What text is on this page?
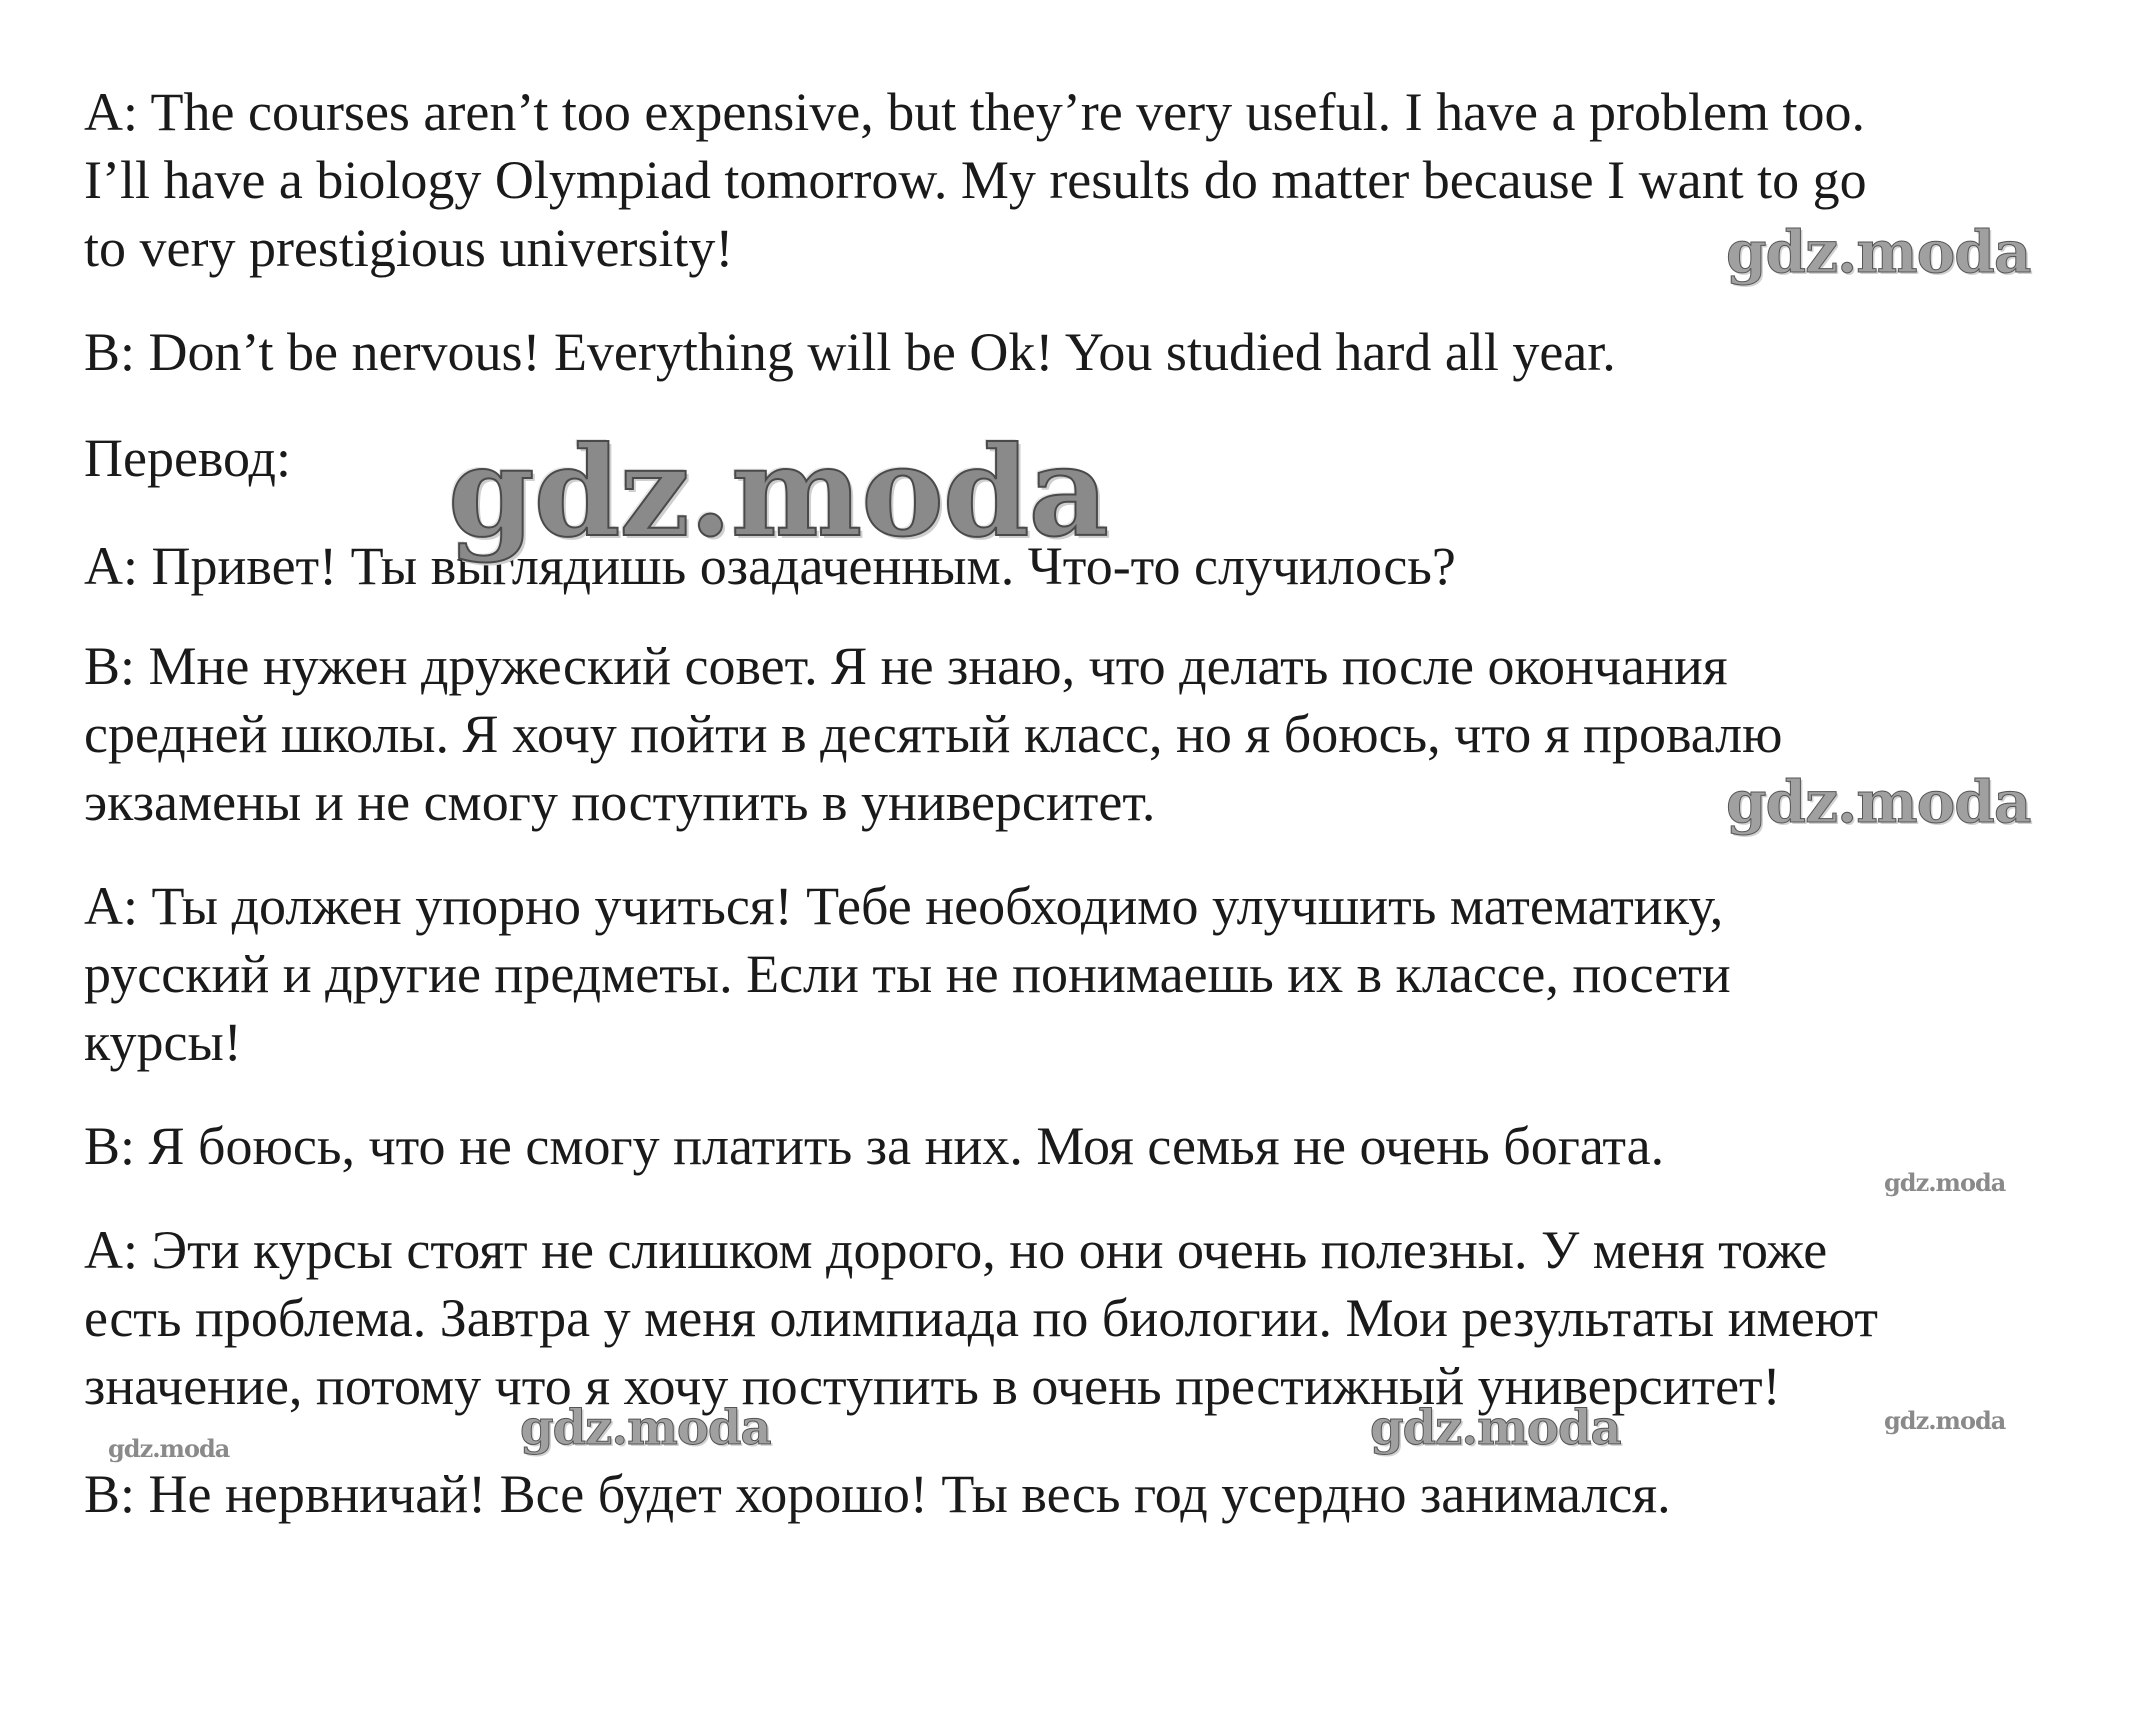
A: The courses aren’t too expensive, but they’re very useful. I have a problem too.
I’ll have a biology Olympiad tomorrow. My results do matter because I want to go
to very prestigious university!
B: Don’t be nervous! Everything will be Ok! You studied hard all year.
Перевод:
A: Привет! Ты выглядишь озадаченным. Что-то случилось?
B: Мне нужен дружеский совет. Я не знаю, что делать после окончания
средней школы. Я хочу пойти в десятый класс, но я боюсь, что я провалю
экзамены и не смогу поступить в университет.
A: Ты должен упорно учиться! Тебе необходимо улучшить математику,
русский и другие предметы. Если ты не понимаешь их в классе, посети
курсы!
B: Я боюсь, что не смогу платить за них. Моя семья не очень богата.
A: Эти курсы стоят не слишком дорого, но они очень полезны. У меня тоже
есть проблема. Завтра у меня олимпиада по биологии. Мои результаты имеют
значение, потому что я хочу поступить в очень престижный университет!
B: Не нервничай! Все будет хорошо! Ты весь год усердно занимался.
gdz.moda
gdz.moda
gdz.moda
gdz.moda
gdz.moda
gdz.moda	gdz.moda
gdz.moda
